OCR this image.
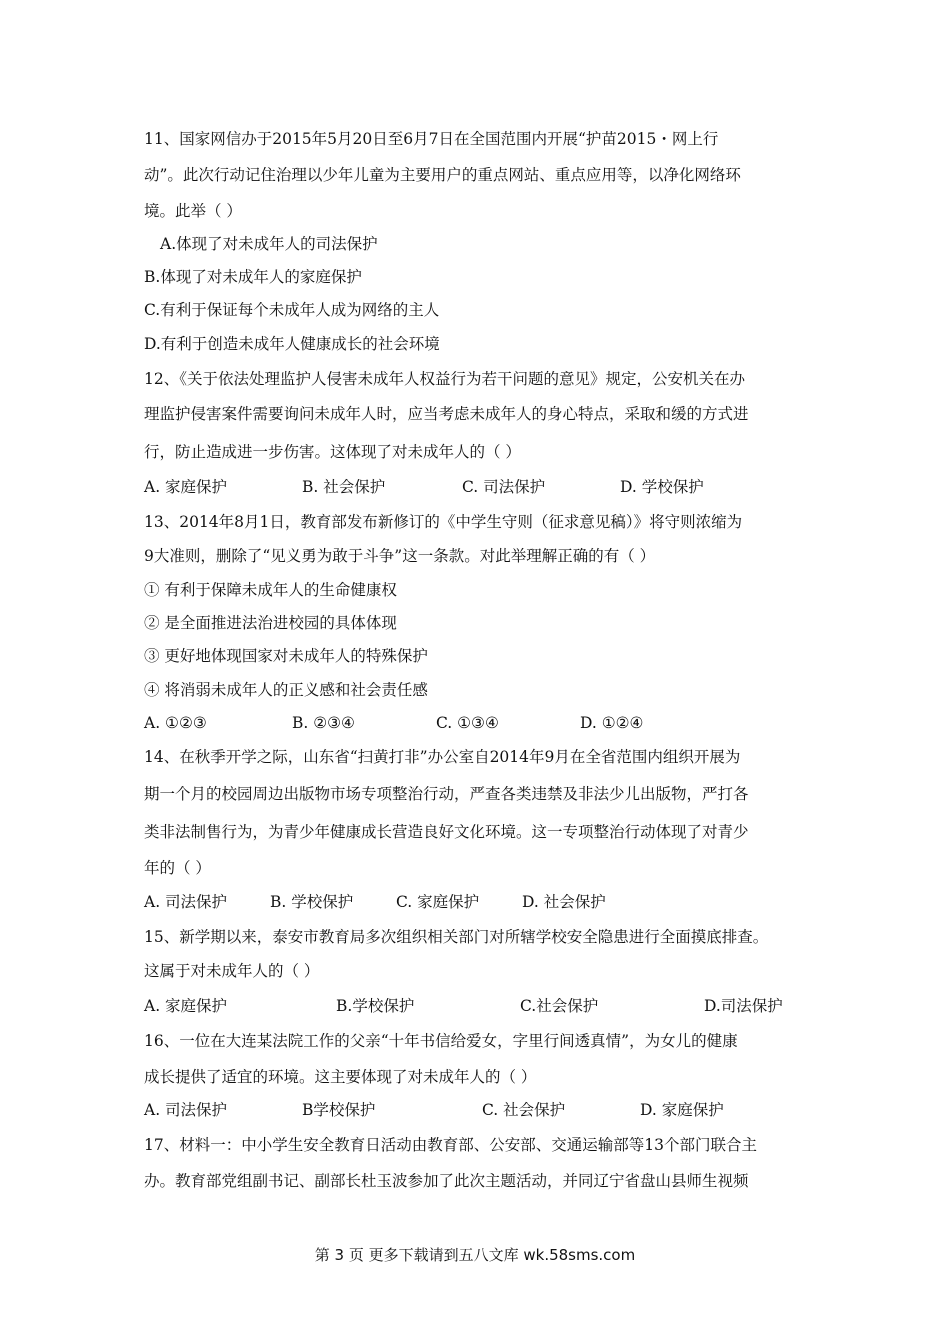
11、国家网信办于2015年5月20日至6月7日在全国范围内开展“护苗2015・网上行
动”。此次行动记住治理以少年儿童为主要用户的重点网站、重点应用等，以净化网络环
境。此举（ ）
A.体现了对未成年人的司法保护
B.体现了对未成年人的家庭保护
C.有利于保证每个未成年人成为网络的主人
D.有利于创造未成年人健康成长的社会环境
12、《关于依法处理监护人侵害未成年人权益行为若干问题的意见》规定，公安机关在办
理监护侵害案件需要询问未成年人时，应当考虑未成年人的身心特点，采取和缓的方式进
行，防止造成进一步伤害。这体现了对未成年人的（ ）
A. 家庭保护	B. 社会保护	C. 司法保护	D. 学校保护
13、2014年8月1日，教育部发布新修订的《中学生守则（征求意见稿）》将守则浓缩为
9大准则，删除了“见义勇为敢于斗争”这一条款。对此举理解正确的有（ ）
① 有利于保障未成年人的生命健康权
② 是全面推进法治进校园的具体体现
③ 更好地体现国家对未成年人的特殊保护
④ 将消弱未成年人的正义感和社会责任感
A. ①②③	B. ②③④	C. ①③④	D. ①②④
14、在秋季开学之际，山东省“扫黄打非”办公室自2014年9月在全省范围内组织开展为
期一个月的校园周边出版物市场专项整治行动，严查各类违禁及非法少儿出版物，严打各
类非法制售行为，为青少年健康成长营造良好文化环境。这一专项整治行动体现了对青少
年的（ ）
A. 司法保护	B. 学校保护	C. 家庭保护	D. 社会保护
15、新学期以来，泰安市教育局多次组织相关部门对所辖学校安全隐患进行全面摸底排查。
这属于对未成年人的（ ）
A. 家庭保护	B.学校保护	C.社会保护	D.司法保护
16、一位在大连某法院工作的父亲“十年书信给爱女，字里行间透真情”，为女儿的健康
成长提供了适宜的环境。这主要体现了对未成年人的（ ）
A. 司法保护	B学校保护	C. 社会保护	D. 家庭保护
17、材料一：中小学生安全教育日活动由教育部、公安部、交通运输部等13个部门联合主
办。教育部党组副书记、副部长杜玉波参加了此次主题活动，并同辽宁省盘山县师生视频
第 3 页 更多下载请到五八文库 wk.58sms.com
